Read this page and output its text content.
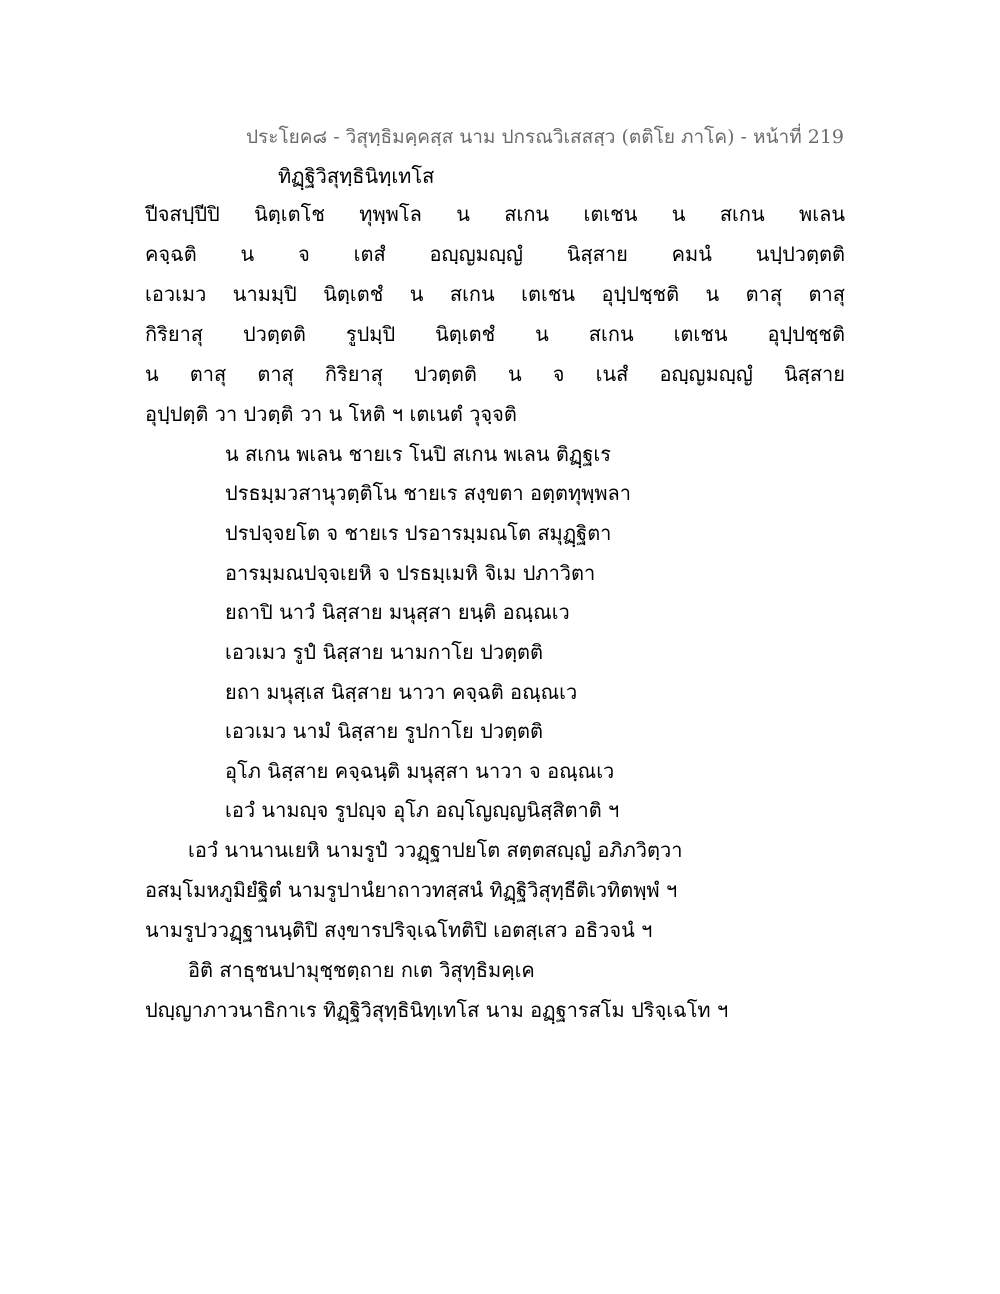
ประโยค๘ - วิสุทฺธิมคฺคสฺส นาม ปกรณวิเสสสฺว (ตติโย ภาโค) - หน้าที่ 219
ทิฏฺฐิวิสุทฺธินิทฺเทโส
ปีจสปฺปีปิ นิตฺเตโช ทุพฺพโล น สเกน เตเชน น สเกน พเลน
คจฺฉติ น จ เตสํ อญฺญมญฺญํ นิสฺสาย คมนํ นปฺปวตฺตติ
เอวเมว นามมฺปิ นิตฺเตชํ น สเกน เตเชน อุปฺปชฺชติ น ตาสุ ตาสุ
กิริยาสุ ปวตฺตติ รูปมฺปิ นิตฺเตชํ น สเกน เตเชน อุปฺปชฺชติ
น ตาสุ ตาสุ กิริยาสุ ปวตฺตติ น จ เนสํ อญฺญมญฺญํ นิสฺสาย
อุปฺปตฺติ วา ปวตฺติ วา น โหติ ฯ เตเนตํ วุจฺจติ
น สเกน พเลน ชายเร โนปิ สเกน พเลน ติฏฺฐเร
ปรธมฺมวสานุวตฺติโน ชายเร สงฺขตา อตฺตทุพฺพลา
ปรปจฺจยโต จ ชายเร ปรอารมฺมณโต สมุฏฺฐิตา
อารมฺมณปจฺจเยหิ จ ปรธมฺเมหิ จิเม ปภาวิตา
ยถาปิ นาวํ นิสฺสาย มนุสฺสา ยนฺติ อณฺณเว
เอวเมว รูปํ นิสฺสาย นามกาโย ปวตฺตติ
ยถา มนุสฺเส นิสฺสาย นาวา คจฺฉติ อณฺณเว
เอวเมว นามํ นิสฺสาย รูปกาโย ปวตฺตติ
อุโภ นิสฺสาย คจฺฉนฺติ มนุสฺสา นาวา จ อณฺณเว
เอวํ นามญฺจ รูปญฺจ อุโภ อญฺโญญฺญนิสฺสิตาติ ฯ
เอวํ นานานเยหิ นามรูปํ ววฏฺฐาปยโต สตฺตสญฺญํ อภิภวิตฺวา
อสมฺโมหภูมิยํฐิตํ นามรูปานํยาถาวทสฺสนํ ทิฏฺฐิวิสุทฺธีติเวทิตพฺพํ ฯ
นามรูปววฏฺฐานนฺติปิ สงฺขารปริจฺเฉโทติปิ เอตสฺเสว อธิวจนํ ฯ
อิติ สาธุชนปามุชฺชตฺถาย กเต วิสุทฺธิมคฺเค
ปญฺญาภาวนาธิกาเร ทิฏฺฐิวิสุทฺธินิทฺเทโส นาม อฏฺฐารสโม ปริจฺเฉโท ฯ
